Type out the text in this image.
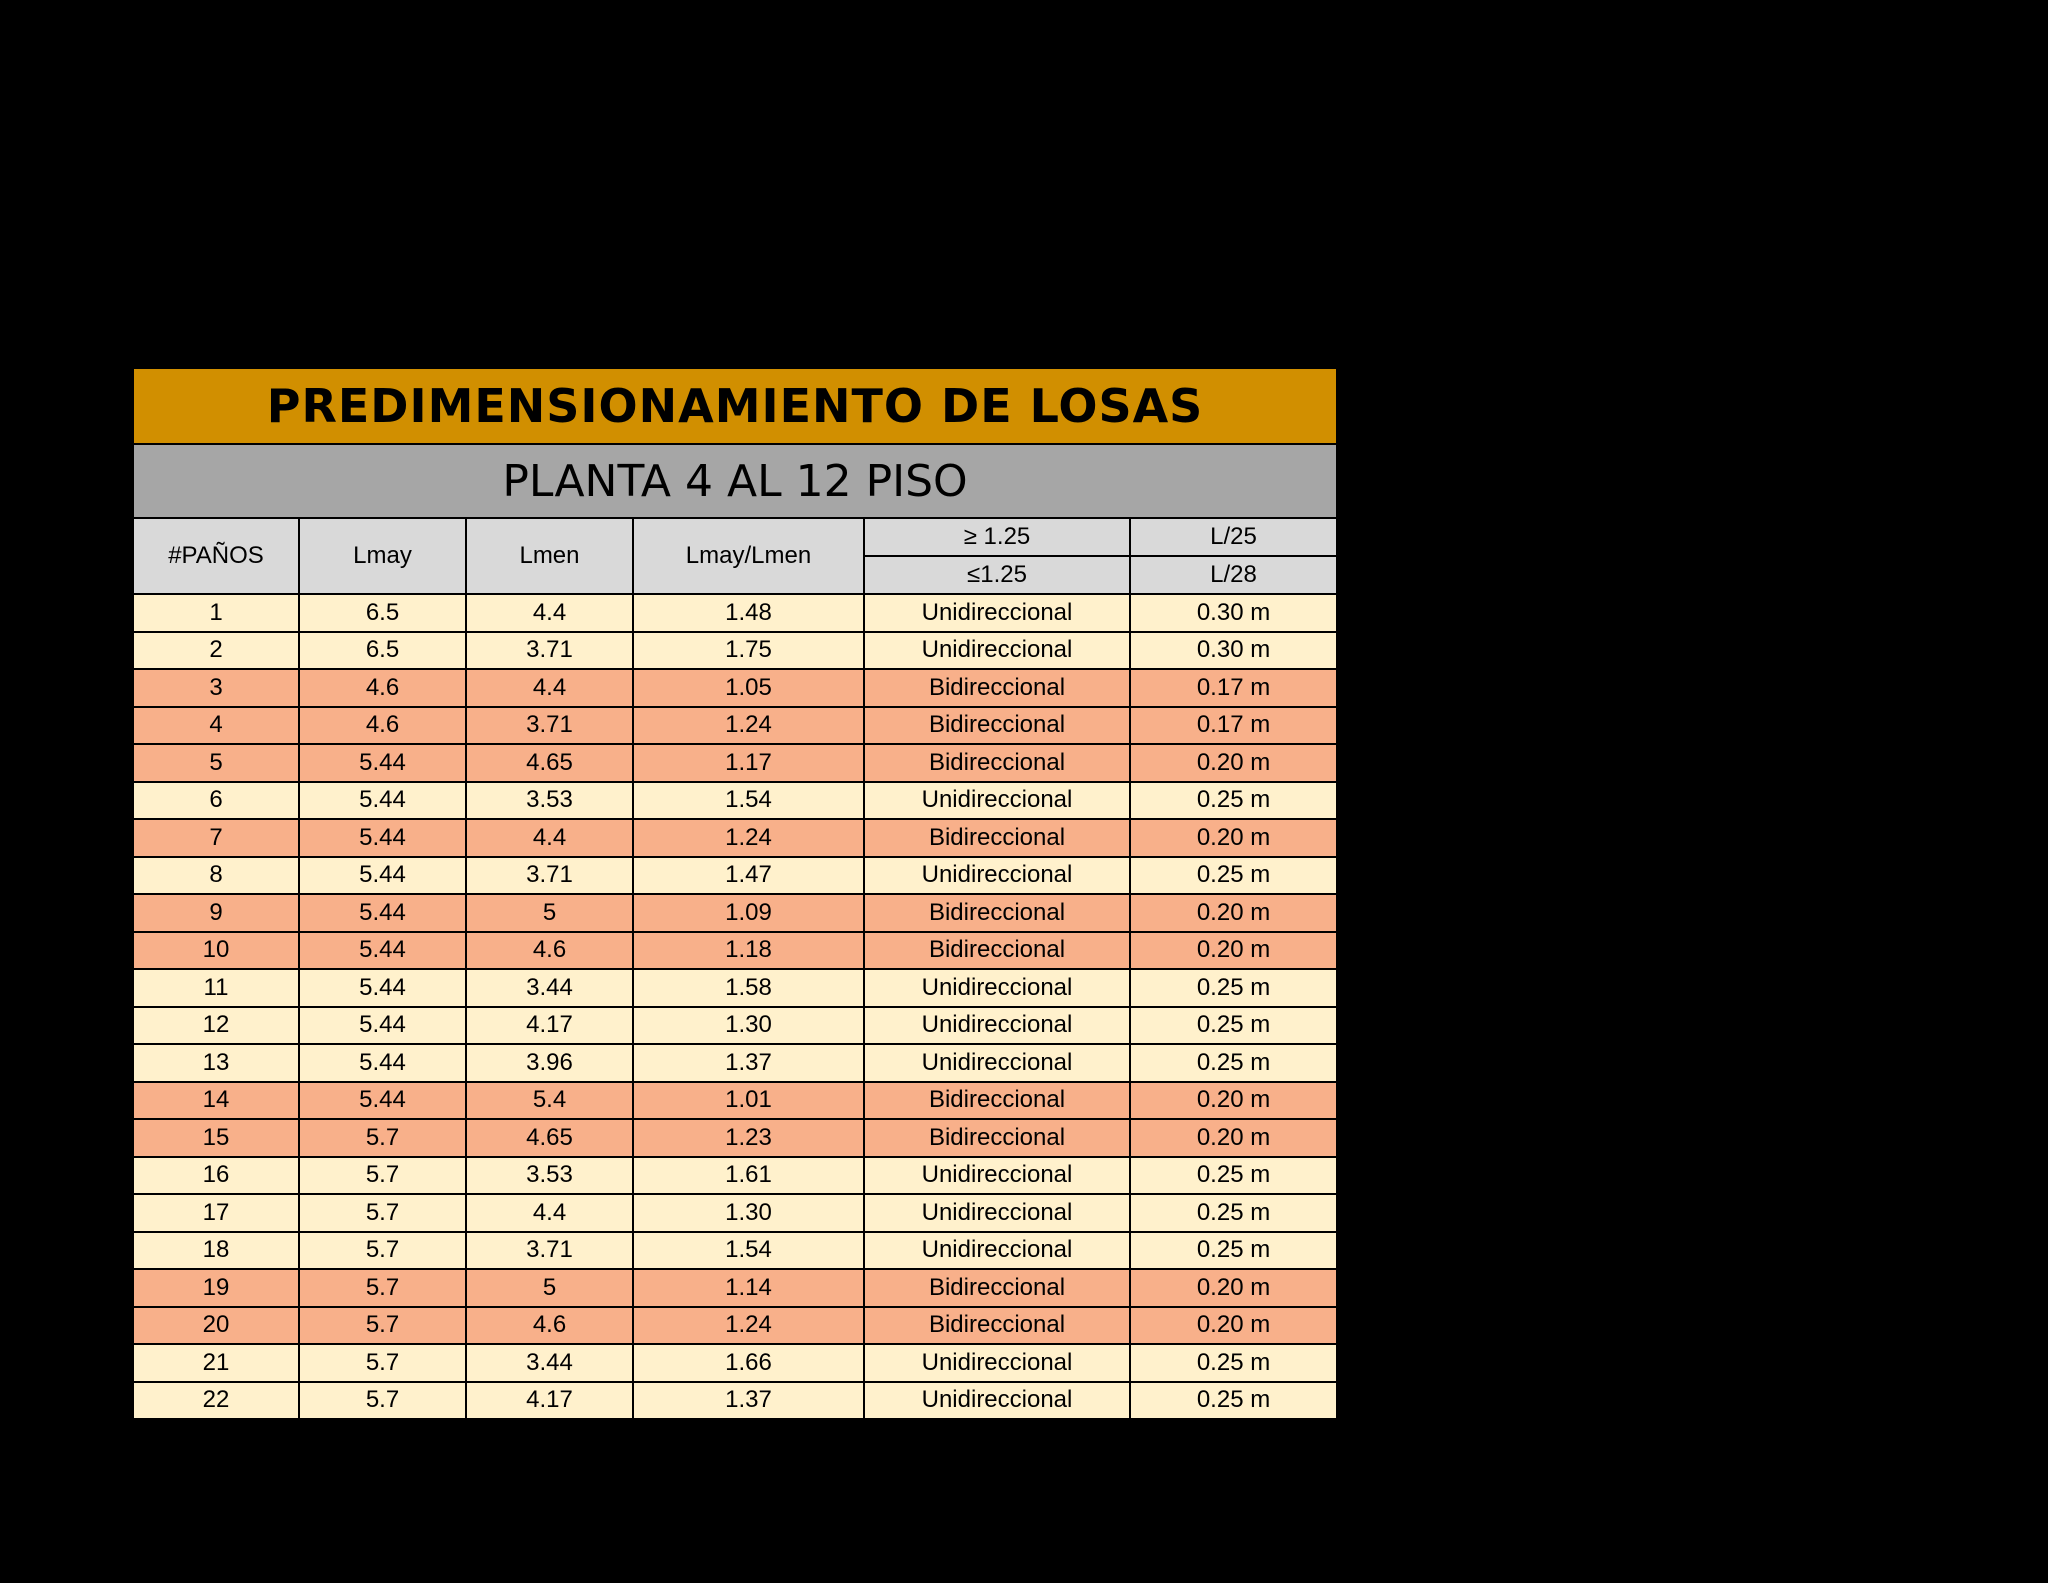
PREDIMENSIONAMIENTO DE LOSAS					
PLANTA 4 AL 12 PISO					
#PAÑOS	Lmay	Lmen	Lmay/Lmen	≥ 1.25	L/25
				≤1.25	L/28
1	6.5	4.4	1.48	Unidireccional	0.30 m
2	6.5	3.71	1.75	Unidireccional	0.30 m
3	4.6	4.4	1.05	Bidireccional	0.17 m
4	4.6	3.71	1.24	Bidireccional	0.17 m
5	5.44	4.65	1.17	Bidireccional	0.20 m
6	5.44	3.53	1.54	Unidireccional	0.25 m
7	5.44	4.4	1.24	Bidireccional	0.20 m
8	5.44	3.71	1.47	Unidireccional	0.25 m
9	5.44	5	1.09	Bidireccional	0.20 m
10	5.44	4.6	1.18	Bidireccional	0.20 m
11	5.44	3.44	1.58	Unidireccional	0.25 m
12	5.44	4.17	1.30	Unidireccional	0.25 m
13	5.44	3.96	1.37	Unidireccional	0.25 m
14	5.44	5.4	1.01	Bidireccional	0.20 m
15	5.7	4.65	1.23	Bidireccional	0.20 m
16	5.7	3.53	1.61	Unidireccional	0.25 m
17	5.7	4.4	1.30	Unidireccional	0.25 m
18	5.7	3.71	1.54	Unidireccional	0.25 m
19	5.7	5	1.14	Bidireccional	0.20 m
20	5.7	4.6	1.24	Bidireccional	0.20 m
21	5.7	3.44	1.66	Unidireccional	0.25 m
22	5.7	4.17	1.37	Unidireccional	0.25 m
